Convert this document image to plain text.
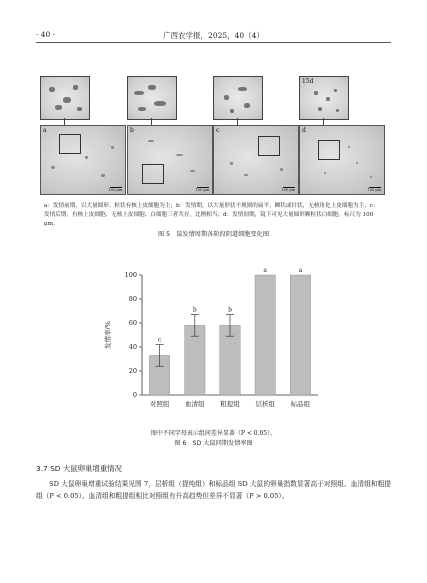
· 40 ·	广西农学报，2025，40（4）
15d
a
100 μm
b
100 μm
c
100 μm
d
100 μm
a：发情前期，以大量圆形、粒状有核上皮细胞为主；b：发情期，以大量形状不规则的扁平、鳞状或针状，无核角化上皮细胞为主；c：发情后期，有核上皮细胞、无核上皮细胞、白细胞三者共存，比例相当；d：发情间期，镜下可见大量圆形颗粒状白细胞。标尺为 100 μm。
图 5　鼠发情周期各阶段阴道细胞变化图
0
20
40
60
80
100
发情率/%	c
对照组
b
血清组
b
粗提组
a
层析组
a
标品组
图中不同字母表示组间差异显著（P < 0.05）。
图 6　SD 大鼠同期发情率图
3.7 SD 大鼠卵巢增重情况
SD 大鼠卵巢增重试验结果见图 7，层析组（提纯组）和标品组 SD 大鼠的卵巢指数显著高于对照组、血清组和粗提组（P < 0.05）。血清组和粗提组相比对照组有升高趋势但差异不显著（P > 0.05）。
